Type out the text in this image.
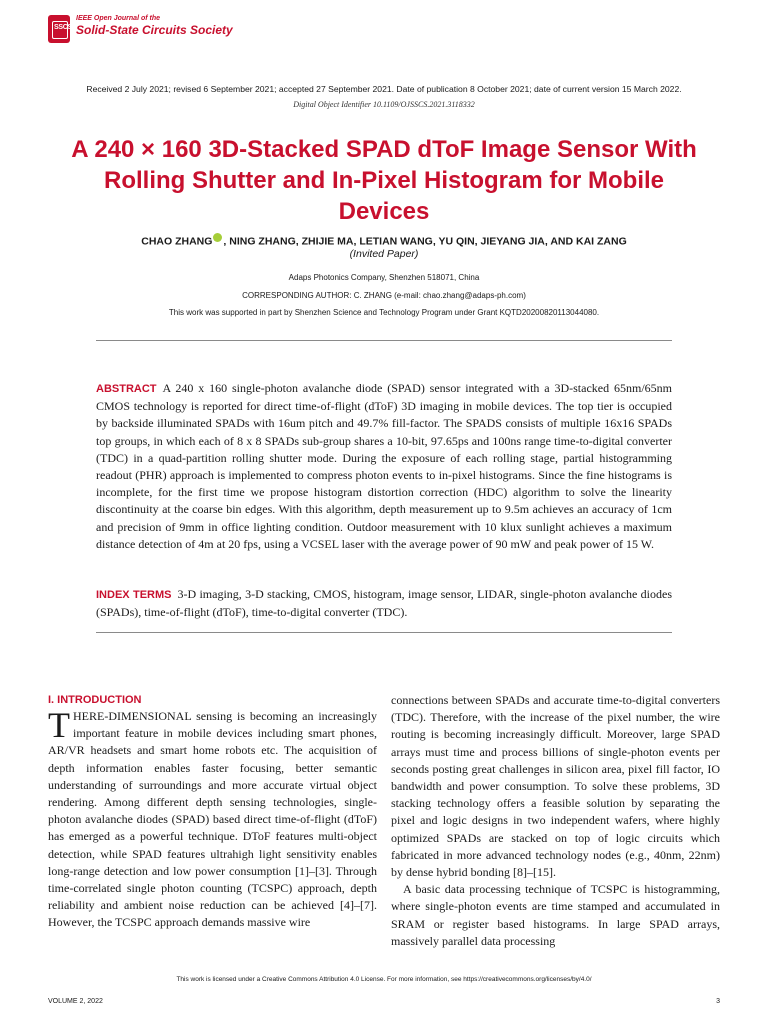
SSCS
IEEE Open Journal of the
Solid-State Circuits Society
Received 2 July 2021; revised 6 September 2021; accepted 27 September 2021. Date of publication 8 October 2021; date of current version 15 March 2022.
Digital Object Identifier 10.1109/OJSSCS.2021.3118332
A 240 × 160 3D-Stacked SPAD dToF Image Sensor With Rolling Shutter and In-Pixel Histogram for Mobile Devices
CHAO ZHANG , NING ZHANG, ZHIJIE MA, LETIAN WANG, YU QIN, JIEYANG JIA, AND KAI ZANG
(Invited Paper)
Adaps Photonics Company, Shenzhen 518071, China
CORRESPONDING AUTHOR: C. ZHANG (e-mail: chao.zhang@adaps-ph.com)
This work was supported in part by Shenzhen Science and Technology Program under Grant KQTD20200820113044080.

ABSTRACT A 240 x 160 single-photon avalanche diode (SPAD) sensor integrated with a 3D-stacked 65nm/65nm CMOS technology is reported for direct time-of-flight (dToF) 3D imaging in mobile devices. The top tier is occupied by backside illuminated SPADs with 16um pitch and 49.7% fill-factor. The SPADS consists of multiple 16x16 SPADs top groups, in which each of 8 x 8 SPADs sub-group shares a 10-bit, 97.65ps and 100ns range time-to-digital converter (TDC) in a quad-partition rolling shutter mode. During the exposure of each rolling stage, partial histogramming readout (PHR) approach is implemented to compress photon events to in-pixel histograms. Since the fine histograms is incomplete, for the first time we propose histogram distortion correction (HDC) algorithm to solve the linearity discontinuity at the coarse bin edges. With this algorithm, depth measurement up to 9.5m achieves an accuracy of 1cm and precision of 9mm in office lighting condition. Outdoor measurement with 10 klux sunlight achieves a maximum distance detection of 4m at 20 fps, using a VCSEL laser with the average power of 90 mW and peak power of 15 W.

INDEX TERMS 3-D imaging, 3-D stacking, CMOS, histogram, image sensor, LIDAR, single-photon avalanche diodes (SPADs), time-of-flight (dToF), time-to-digital converter (TDC).

I. INTRODUCTION

THERE-DIMENSIONAL sensing is becoming an increasingly important feature in mobile devices including smart phones, AR/VR headsets and smart home robots etc. The acquisition of depth information enables faster focusing, better semantic understanding of surroundings and more accurate virtual object rendering. Among different depth sensing technologies, single-photon avalanche diodes (SPAD) based direct time-of-flight (dToF) has emerged as a powerful technique. DToF features multi-object detection, while SPAD features ultrahigh light sensitivity enables long-range detection and low power consumption [1]–[3]. Through time-correlated single photon counting (TCSPC) approach, depth reliability and ambient noise reduction can be achieved [4]–[7]. However, the TCSPC approach demands massive wire

connections between SPADs and accurate time-to-digital converters (TDC). Therefore, with the increase of the pixel number, the wire routing is becoming increasingly difficult. Moreover, large SPAD arrays must time and process billions of single-photon events per seconds posting great challenges in silicon area, pixel fill factor, IO bandwidth and power consumption. To solve these problems, 3D stacking technology offers a feasible solution by separating the pixel and logic designs in two independent wafers, where highly optimized SPADs are stacked on top of logic circuits which fabricated in more advanced technology nodes (e.g., 40nm, 22nm) by dense hybrid bonding [8]–[15].

A basic data processing technique of TCSPC is histogramming, where single-photon events are time stamped and accumulated in SRAM or register based histograms. In large SPAD arrays, massively parallel data processing

This work is licensed under a Creative Commons Attribution 4.0 License. For more information, see https://creativecommons.org/licenses/by/4.0/
VOLUME 2, 2022	3
